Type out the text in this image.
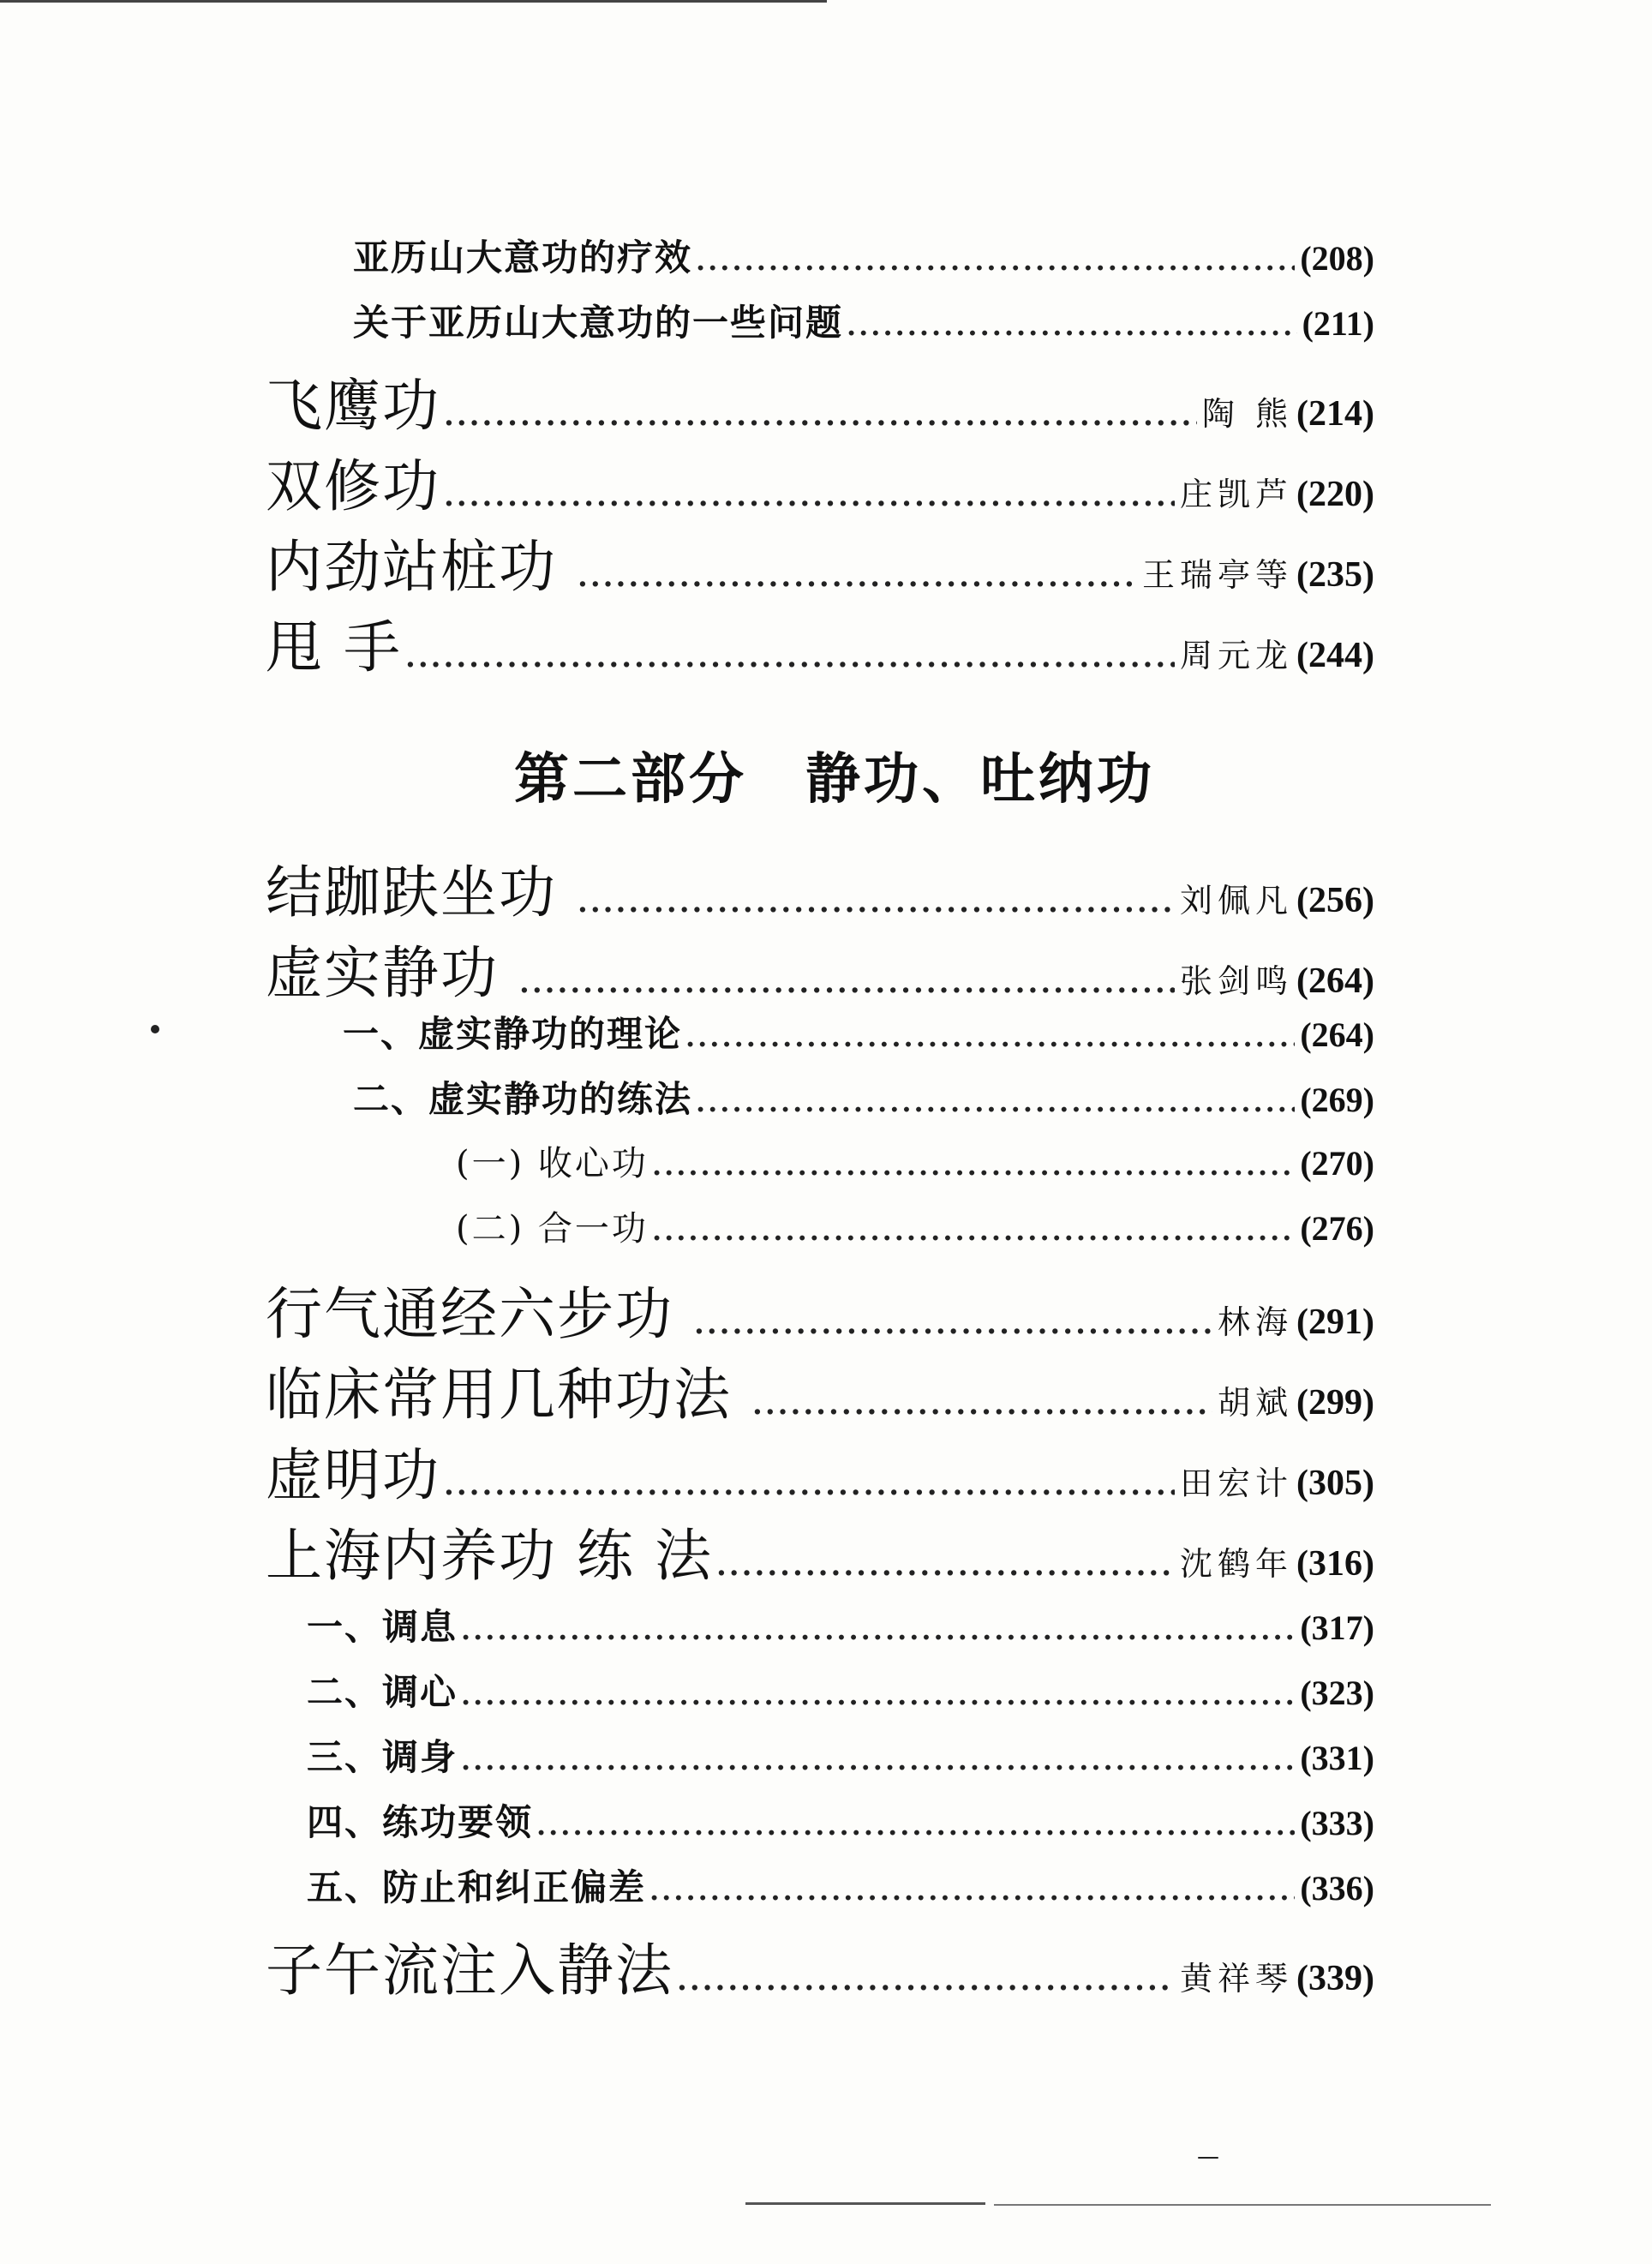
亚历山大意功的疗效 .....	(208)
关于亚历山大意功的一些问题 .....	(211)
飞鹰功 .....	陶 熊 (214)
双修功 .....	庄凯芦 (220)
内劲站桩功 .....	王瑞亭等 (235)
甩 手 .....	周元龙 (244)
第二部分　静功、吐纳功
结跏趺坐功 .....	刘佩凡 (256)
虚实静功 .....	张剑鸣 (264)
一、虚实静功的理论 .....	(264)
二、虚实静功的练法 .....	(269)
(一) 收心功 .....	(270)
(二) 合一功 .....	(276)
行气通经六步功 .....	林海 (291)
临床常用几种功法 .....	胡斌 (299)
虚明功 .....	田宏计 (305)
上海内养功 练 法 .....	沈鹤年 (316)
一、调息 .....	(317)
二、调心 .....	(323)
三、调身 .....	(331)
四、练功要领 .....	(333)
五、防止和纠正偏差 .....	(336)
子午流注入静法 .....	黄祥琴 (339)
